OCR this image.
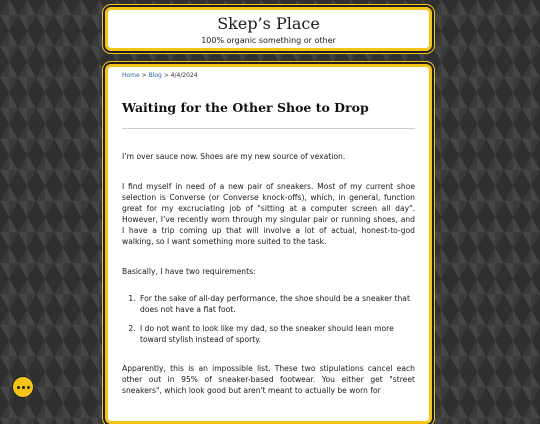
Skep’s Place
100% organic something or other
Home > Blog > 4/4/2024
Waiting for the Other Shoe to Drop

I’m over sauce now. Shoes are my new source of vexation.

I find myself in need of a new pair of sneakers. Most of my current shoe selection is Converse (or Converse knock-offs), which, in general, function great for my excruciating job of "sitting at a computer screen all day". However, I’ve recently worn through my singular pair or running shoes, and I have a trip coming up that will involve a lot of actual, honest-to-god walking, so I want something more suited to the task.

Basically, I have two requirements:

1. For the sake of all-day performance, the shoe should be a sneaker that does not have a flat foot.
2. I do not want to look like my dad, so the sneaker should lean more toward stylish instead of sporty.

Apparently, this is an impossible list. These two stipulations cancel each other out in 95% of sneaker-based footwear. You either get "street sneakers", which look good but aren't meant to actually be worn for
